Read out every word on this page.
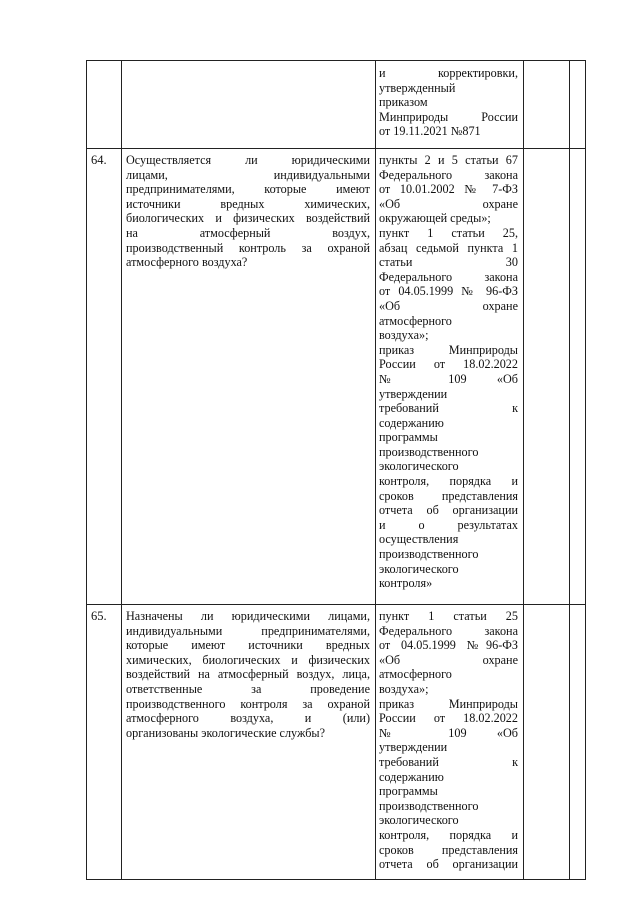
и корректировки,
утвержденный
приказом
Минприроды России
от 19.11.2021 №871
64. Осуществляется ли юридическими
лицами, индивидуальными
предпринимателями, которые имеют
источники вредных химических,
биологических и физических воздействий
на атмосферный воздух,
производственный контроль за охраной
атмосферного воздуха?
пункты 2 и 5 статьи 67
Федерального закона
от 10.01.2002 № 7-ФЗ
«Об охране
окружающей среды»;
пункт 1 статьи 25,
абзац седьмой пункта 1
статьи 30
Федерального закона
от 04.05.1999 № 96-ФЗ
«Об охране
атмосферного
воздуха»;
приказ Минприроды
России от 18.02.2022
№ 109 «Об
утверждении
требований к
содержанию
программы
производственного
экологического
контроля, порядка и
сроков представления
отчета об организации
и о результатах
осуществления
производственного
экологического
контроля»
65. Назначены ли юридическими лицами,
индивидуальными предпринимателями,
которые имеют источники вредных
химических, биологических и физических
воздействий на атмосферный воздух, лица,
ответственные за проведение
производственного контроля за охраной
атмосферного воздуха, и (или)
организованы экологические службы?
пункт 1 статьи 25
Федерального закона
от 04.05.1999 №96-ФЗ
«Об охране
атмосферного
воздуха»;
приказ Минприроды
России от 18.02.2022
№ 109 «Об
утверждении
требований к
содержанию
программы
производственного
экологического
контроля, порядка и
сроков представления
отчета об организации
